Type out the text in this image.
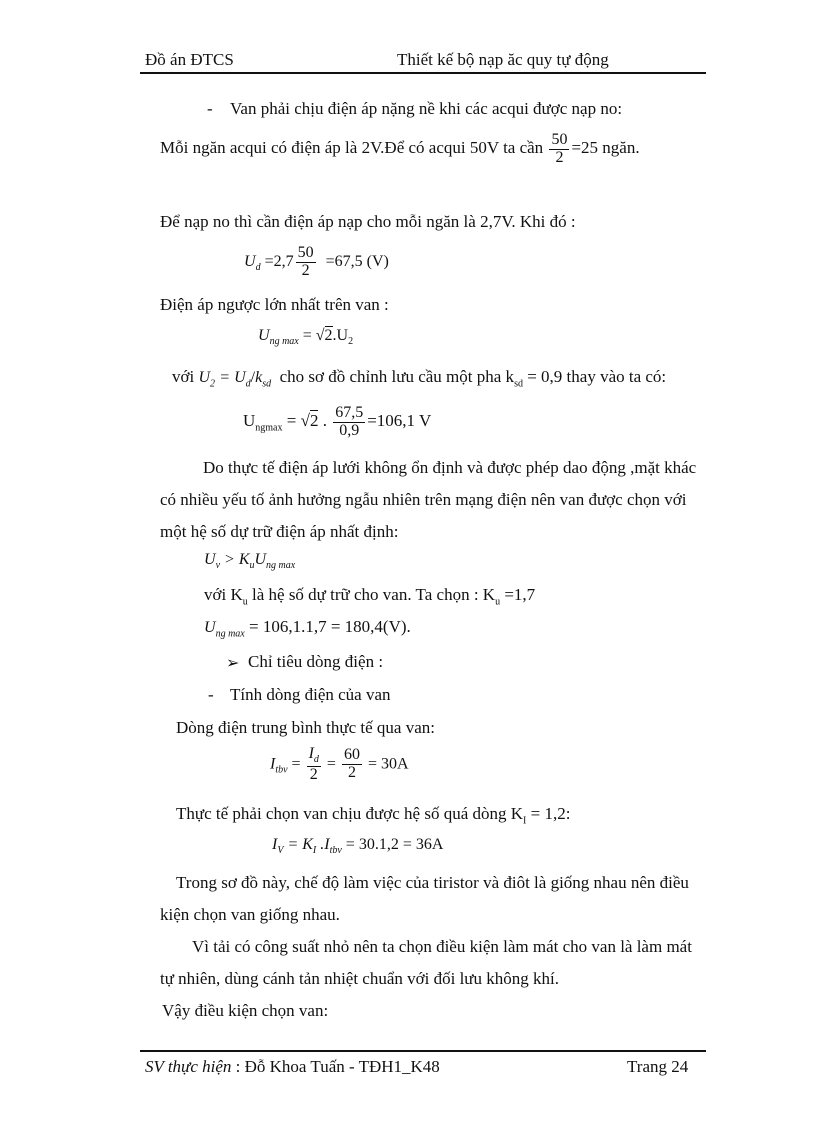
Đồ án ĐTCS	Thiết kế bộ nạp ăc quy tự động
- Van phải chịu điện áp nặng nề khi các acqui được nạp no:
Mỗi ngăn acqui có điện áp là 2V.Để có acqui 50V ta cần $\frac{50}{2} =25$ ngăn.
Để nạp no thì cần điện áp nạp cho mỗi ngăn là 2,7V. Khi đó :
$U_d =2,7 \frac{50}{2} =67,5$ (V)
Điện áp ngược lớn nhất trên van :
$U_{ng max} = √2.U_2$
với $U_2 = U_d/k_{sd}$ cho sơ đồ chỉnh lưu cầu một pha $k_{sd} = 0,9$ thay vào ta có:
$U_{ngmax} = √2$ . $\frac{67,5}{0,9} =106,1$ V
Do thực tế điện áp lưới không ổn định và được phép dao động ,mặt khác
có nhiều yếu tố ảnh hưởng ngẫu nhiên trên mạng điện nên van được chọn với
một hệ số dự trữ điện áp nhất định:
$U_v > K_uU_{ng max}$
với $K_u$ là hệ số dự trữ cho van. Ta chọn : $K_u =1,7$
$U_{ng max} = 106,1.1,7 = 180,4(V)$.
➢ Chỉ tiêu dòng điện :
- Tính dòng điện của van
Dòng điện trung bình thực tế qua van:
$I_{tbv} = \frac{I_d}{2} = \frac{60}{2} = 30A$
Thực tế phải chọn van chịu được hệ số quá dòng $K_I = 1,2$:
$I_V = K_I$ $.I_{tbv} = 30.1,2 = 36A$
Trong sơ đồ này, chế độ làm việc của tiristor và điôt là giống nhau nên điều
kiện chọn van giống nhau.
Vì tải có công suất nhỏ nên ta chọn điều kiện làm mát cho van là làm mát
tự nhiên, dùng cánh tản nhiệt chuẩn với đối lưu không khí.
Vậy điều kiện chọn van:
SV thực hiện : Đỗ Khoa Tuấn - TĐH1_K48	Trang 24
